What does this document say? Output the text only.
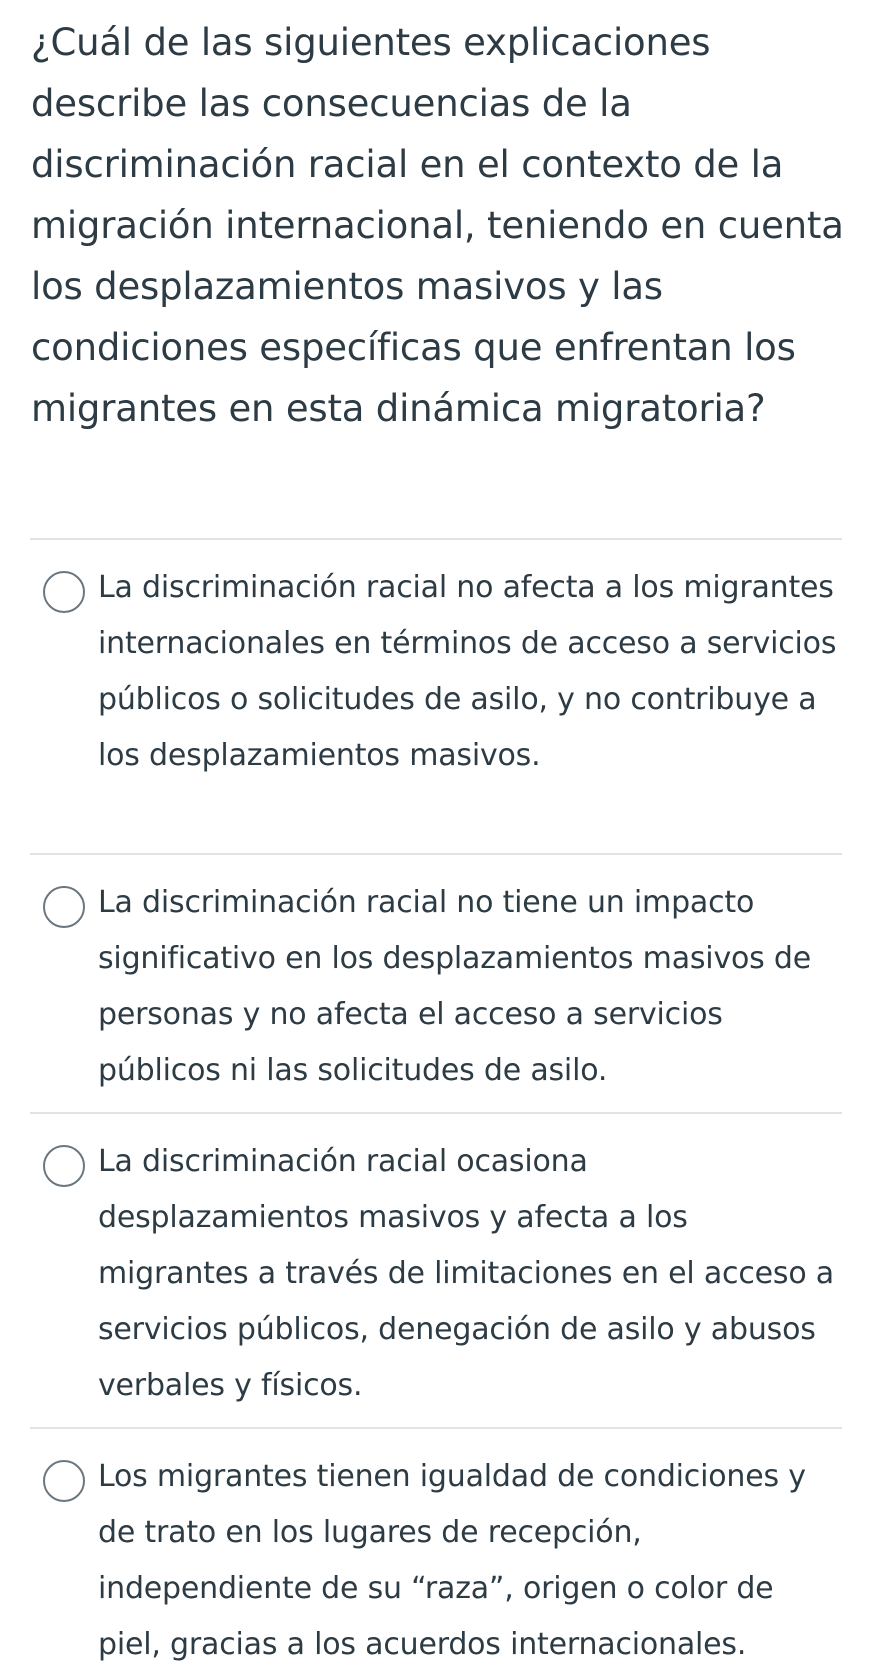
¿Cuál de las siguientes explicaciones describe las consecuencias de la discriminación racial en el contexto de la migración internacional, teniendo en cuenta los desplazamientos masivos y las condiciones específicas que enfrentan los migrantes en esta dinámica migratoria?

La discriminación racial no afecta a los migrantes internacionales en términos de acceso a servicios públicos o solicitudes de asilo, y no contribuye a los desplazamientos masivos.

La discriminación racial no tiene un impacto significativo en los desplazamientos masivos de personas y no afecta el acceso a servicios públicos ni las solicitudes de asilo.

La discriminación racial ocasiona desplazamientos masivos y afecta a los migrantes a través de limitaciones en el acceso a servicios públicos, denegación de asilo y abusos verbales y físicos.

Los migrantes tienen igualdad de condiciones y de trato en los lugares de recepción, independiente de su “raza”, origen o color de piel, gracias a los acuerdos internacionales.
